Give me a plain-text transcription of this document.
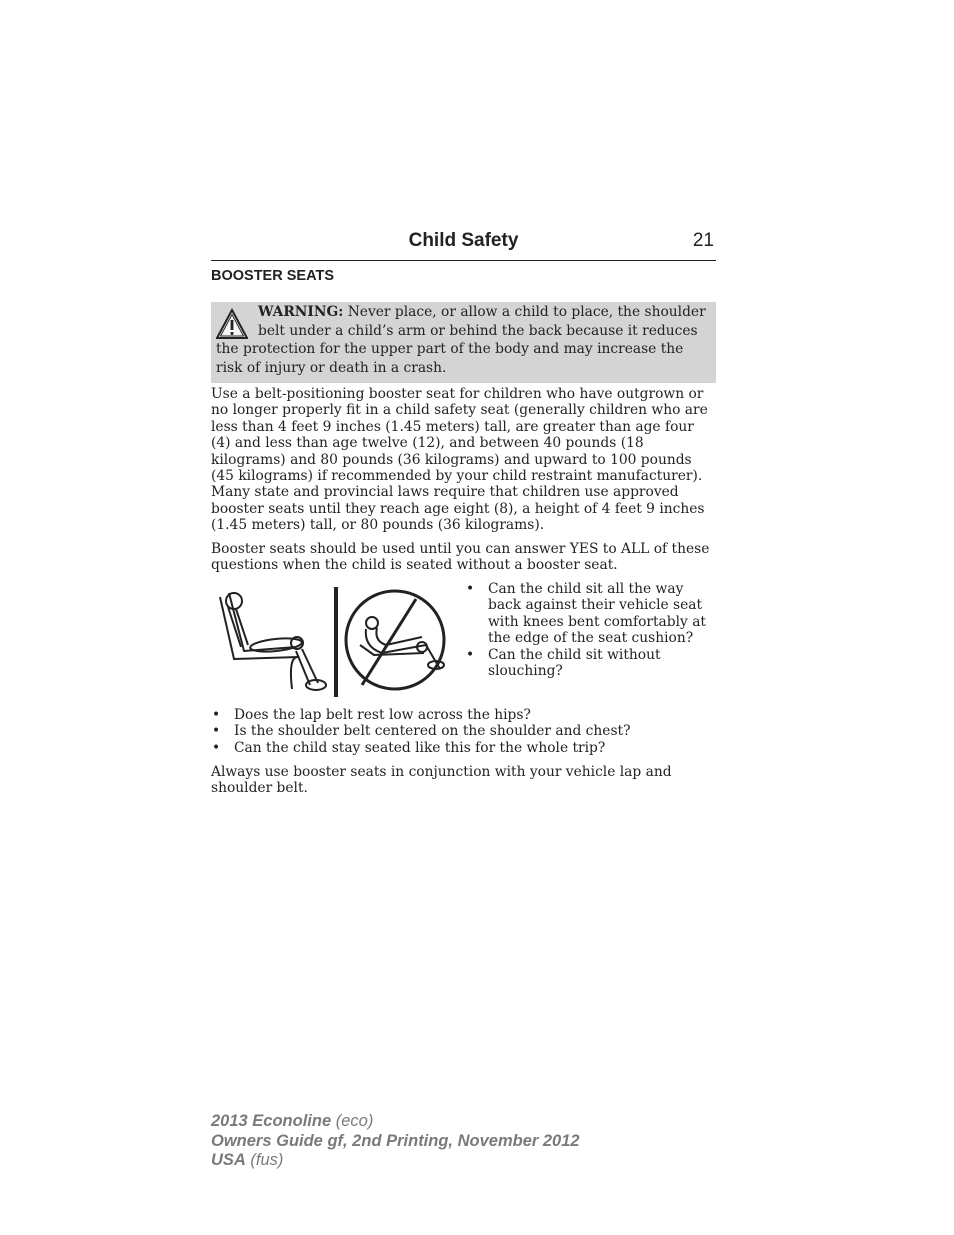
Child Safety	21
BOOSTER SEATS
WARNING: Never place, or allow a child to place, the shoulder belt under a child’s arm or behind the back because it reduces the protection for the upper part of the body and may increase the risk of injury or death in a crash.

Use a belt-positioning booster seat for children who have outgrown or no longer properly fit in a child safety seat (generally children who are less than 4 feet 9 inches (1.45 meters) tall, are greater than age four (4) and less than age twelve (12), and between 40 pounds (18 kilograms) and 80 pounds (36 kilograms) and upward to 100 pounds (45 kilograms) if recommended by your child restraint manufacturer). Many state and provincial laws require that children use approved booster seats until they reach age eight (8), a height of 4 feet 9 inches (1.45 meters) tall, or 80 pounds (36 kilograms).

Booster seats should be used until you can answer YES to ALL of these questions when the child is seated without a booster seat.

• Can the child sit all the way back against their vehicle seat with knees bent comfortably at the edge of the seat cushion?
• Can the child sit without slouching?
• Does the lap belt rest low across the hips?
• Is the shoulder belt centered on the shoulder and chest?
• Can the child stay seated like this for the whole trip?

Always use booster seats in conjunction with your vehicle lap and shoulder belt.

2013 Econoline (eco)
Owners Guide gf, 2nd Printing, November 2012
USA (fus)
